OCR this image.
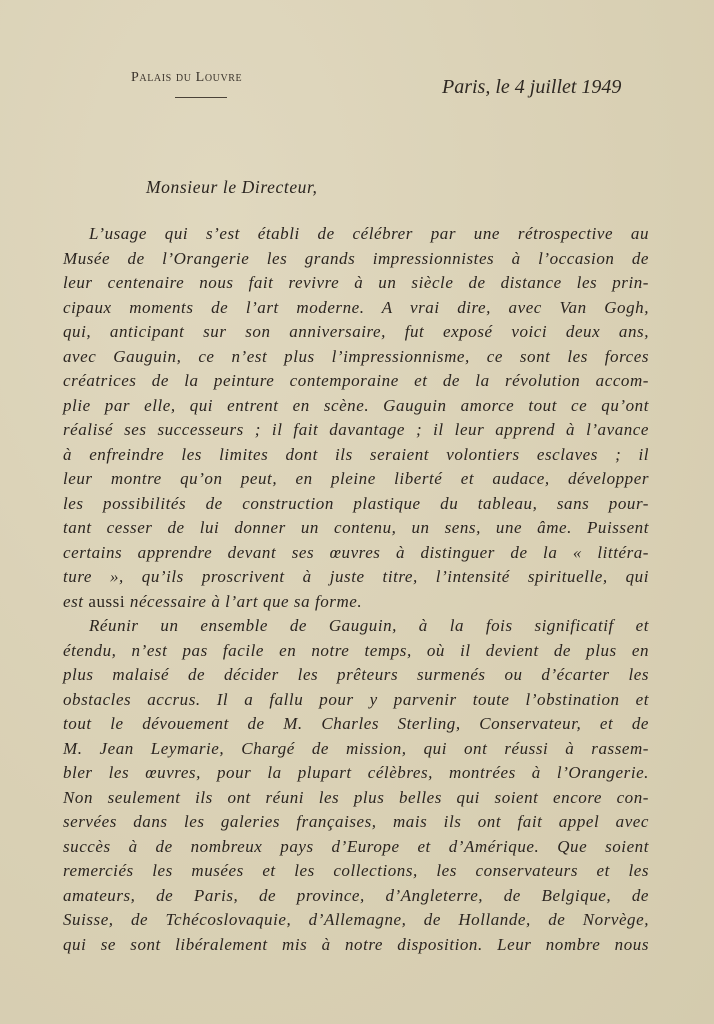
Palais du Louvre	Paris, le 4 juillet 1949
Monsieur le Directeur,
L’usage qui s’est établi de célébrer par une rétrospective au
Musée de l’Orangerie les grands impressionnistes à l’occasion de
leur centenaire nous fait revivre à un siècle de distance les prin-
cipaux moments de l’art moderne. A vrai dire, avec Van Gogh,
qui, anticipant sur son anniversaire, fut exposé voici deux ans,
avec Gauguin, ce n’est plus l’impressionnisme, ce sont les forces
créatrices de la peinture contemporaine et de la révolution accom-
plie par elle, qui entrent en scène. Gauguin amorce tout ce qu’ont
réalisé ses successeurs ; il fait davantage ; il leur apprend à l’avance
à enfreindre les limites dont ils seraient volontiers esclaves ; il
leur montre qu’on peut, en pleine liberté et audace, développer
les possibilités de construction plastique du tableau, sans pour-
tant cesser de lui donner un contenu, un sens, une âme. Puissent
certains apprendre devant ses œuvres à distinguer de la « littéra-
ture », qu’ils proscrivent à juste titre, l’intensité spirituelle, qui
est aussi nécessaire à l’art que sa forme.
Réunir un ensemble de Gauguin, à la fois significatif et
étendu, n’est pas facile en notre temps, où il devient de plus en
plus malaisé de décider les prêteurs surmenés ou d’écarter les
obstacles accrus. Il a fallu pour y parvenir toute l’obstination et
tout le dévouement de M. Charles Sterling, Conservateur, et de
M. Jean Leymarie, Chargé de mission, qui ont réussi à rassem-
bler les œuvres, pour la plupart célèbres, montrées à l’Orangerie.
Non seulement ils ont réuni les plus belles qui soient encore con-
servées dans les galeries françaises, mais ils ont fait appel avec
succès à de nombreux pays d’Europe et d’Amérique. Que soient
remerciés les musées et les collections, les conservateurs et les
amateurs, de Paris, de province, d’Angleterre, de Belgique, de
Suisse, de Tchécoslovaquie, d’Allemagne, de Hollande, de Norvège,
qui se sont libéralement mis à notre disposition. Leur nombre nous
